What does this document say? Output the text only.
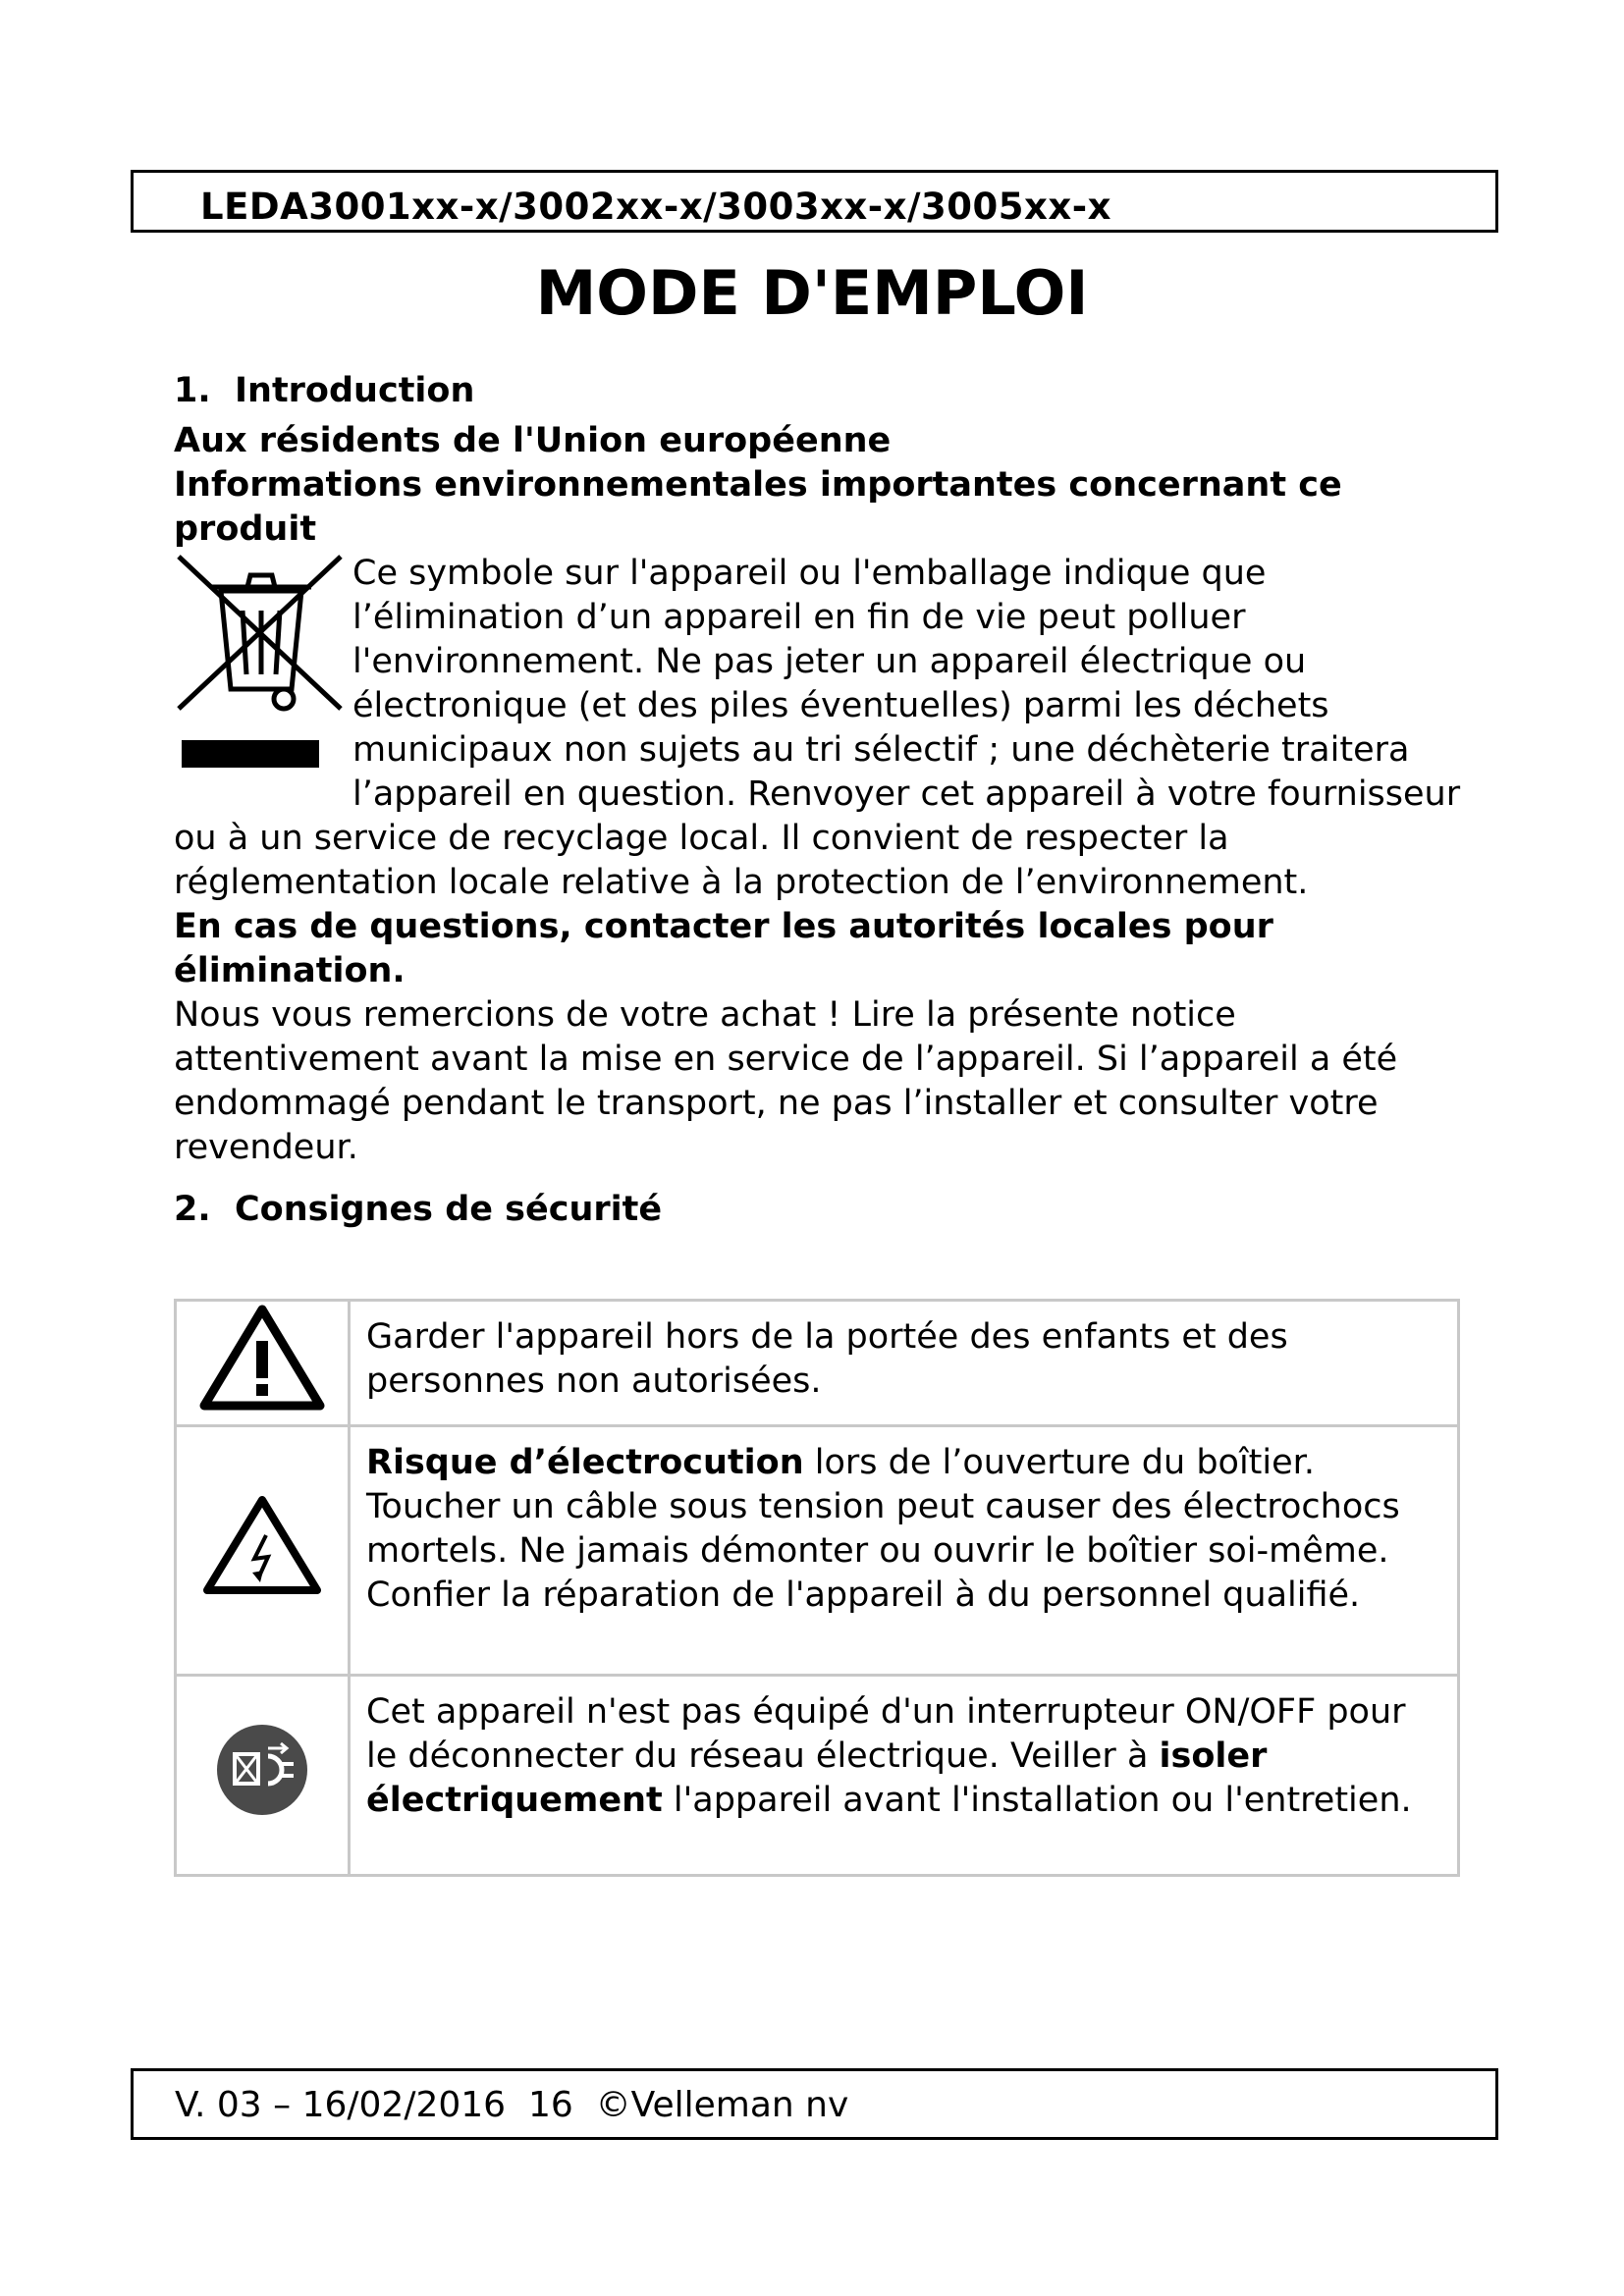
LEDA3001xx-x/3002xx-x/3003xx-x/3005xx-x
MODE D'EMPLOI
1. Introduction
Aux résidents de l'Union européenne
Informations environnementales importantes concernant ce produit

Ce symbole sur l'appareil ou l'emballage indique que l’élimination d’un appareil en fin de vie peut polluer l'environnement. Ne pas jeter un appareil électrique ou électronique (et des piles éventuelles) parmi les déchets municipaux non sujets au tri sélectif ; une déchèterie traitera l’appareil en question. Renvoyer cet appareil à votre fournisseur ou à un service de recyclage local. Il convient de respecter la réglementation locale relative à la protection de l’environnement.

En cas de questions, contacter les autorités locales pour élimination.

Nous vous remercions de votre achat ! Lire la présente notice attentivement avant la mise en service de l’appareil. Si l’appareil a été endommagé pendant le transport, ne pas l’installer et consulter votre revendeur.

2. Consignes de sécurité
	Garder l'appareil hors de la portée des enfants et des personnes non autorisées.
	Risque d’électrocution lors de l’ouverture du boîtier. Toucher un câble sous tension peut causer des électrochocs mortels. Ne jamais démonter ou ouvrir le boîtier soi-même. Confier la réparation de l'appareil à du personnel qualifié.
	Cet appareil n'est pas équipé d'un interrupteur ON/OFF pour le déconnecter du réseau électrique. Veiller à isoler électriquement l'appareil avant l'installation ou l'entretien.
V. 03 – 16/02/2016  16  ©Velleman nv
